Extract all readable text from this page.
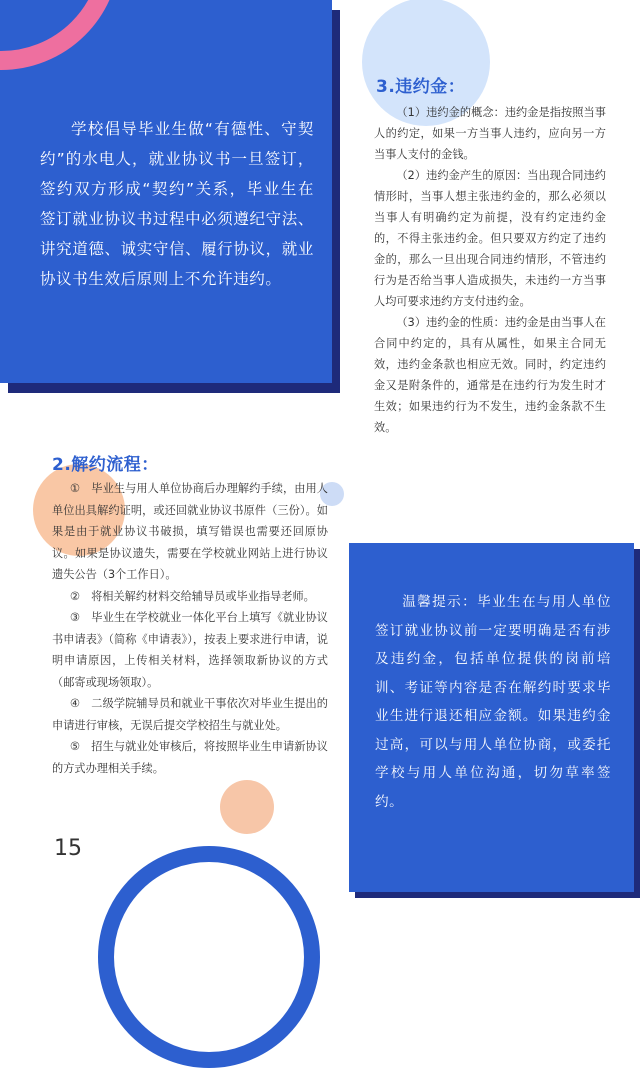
学校倡导毕业生做“有德性、守契约”的水电人，就业协议书一旦签订，签约双方形成“契约”关系，毕业生在签订就业协议书过程中必须遵纪守法、讲究道德、诚实守信、履行协议，就业协议书生效后原则上不允许违约。
3.违约金：

（1）违约金的概念：违约金是指按照当事人的约定，如果一方当事人违约，应向另一方当事人支付的金钱。

（2）违约金产生的原因：当出现合同违约情形时，当事人想主张违约金的，那么必须以当事人有明确约定为前提，没有约定违约金的，不得主张违约金。但只要双方约定了违约金的，那么一旦出现合同违约情形，不管违约行为是否给当事人造成损失，未违约一方当事人均可要求违约方支付违约金。

（3）违约金的性质：违约金是由当事人在合同中约定的，具有从属性，如果主合同无效，违约金条款也相应无效。同时，约定违约金又是附条件的，通常是在违约行为发生时才生效；如果违约行为不发生，违约金条款不生效。

2.解约流程：

①　毕业生与用人单位协商后办理解约手续，由用人单位出具解约证明，或还回就业协议书原件（三份）。如果是由于就业协议书破损，填写错误也需要还回原协议。如果是协议遗失，需要在学校就业网站上进行协议遗失公告（3个工作日）。

②　将相关解约材料交给辅导员或毕业指导老师。

③　毕业生在学校就业一体化平台上填写《就业协议书申请表》（简称《申请表》），按表上要求进行申请，说明申请原因，上传相关材料，选择领取新协议的方式（邮寄或现场领取）。

④　二级学院辅导员和就业干事依次对毕业生提出的申请进行审核，无误后提交学校招生与就业处。

⑤　招生与就业处审核后，将按照毕业生申请新协议的方式办理相关手续。

15
温馨提示：毕业生在与用人单位签订就业协议前一定要明确是否有涉及违约金，包括单位提供的岗前培训、考证等内容是否在解约时要求毕业生进行退还相应金额。如果违约金过高，可以与用人单位协商，或委托学校与用人单位沟通，切勿草率签约。
